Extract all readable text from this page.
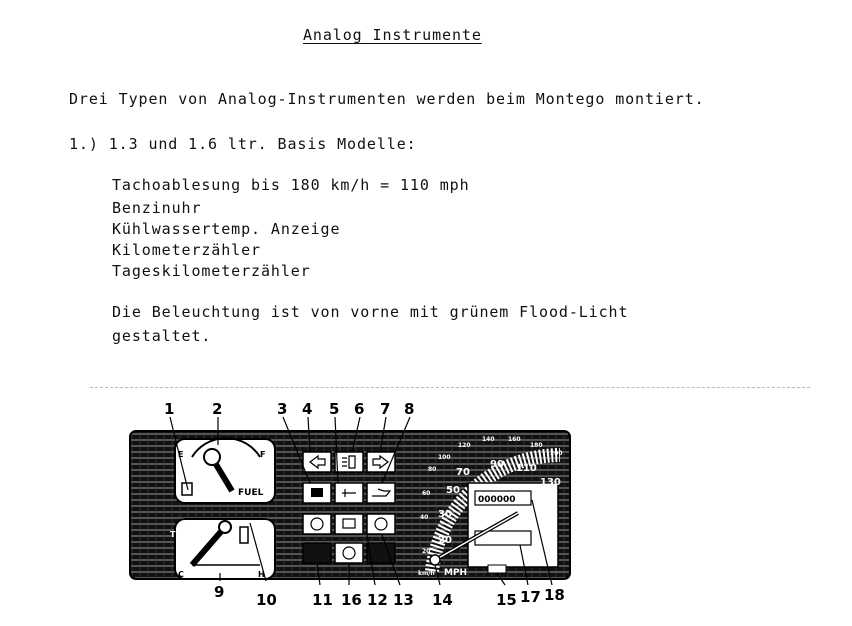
Analog Instrumente
Drei Typen von Analog-Instrumenten werden beim Montego montiert.
1.) 1.3 und 1.6 ltr. Basis Modelle:
Tachoablesung bis 180 km/h = 110 mph
Benzinuhr
Kühlwassertemp. Anzeige
Kilometerzähler
Tageskilometerzähler
Die Beleuchtung ist von vorne mit grünem Flood-Licht
gestaltet.
E	F
FUEL
TEMP
C	H
000000
20
30
50
70
90 110
130
20
40
60
80
100
120
140 160
180
200
km/h MPH
1	2	3 4 5 6 7 8
9 10 11 16 12 13 14	15 17 18
